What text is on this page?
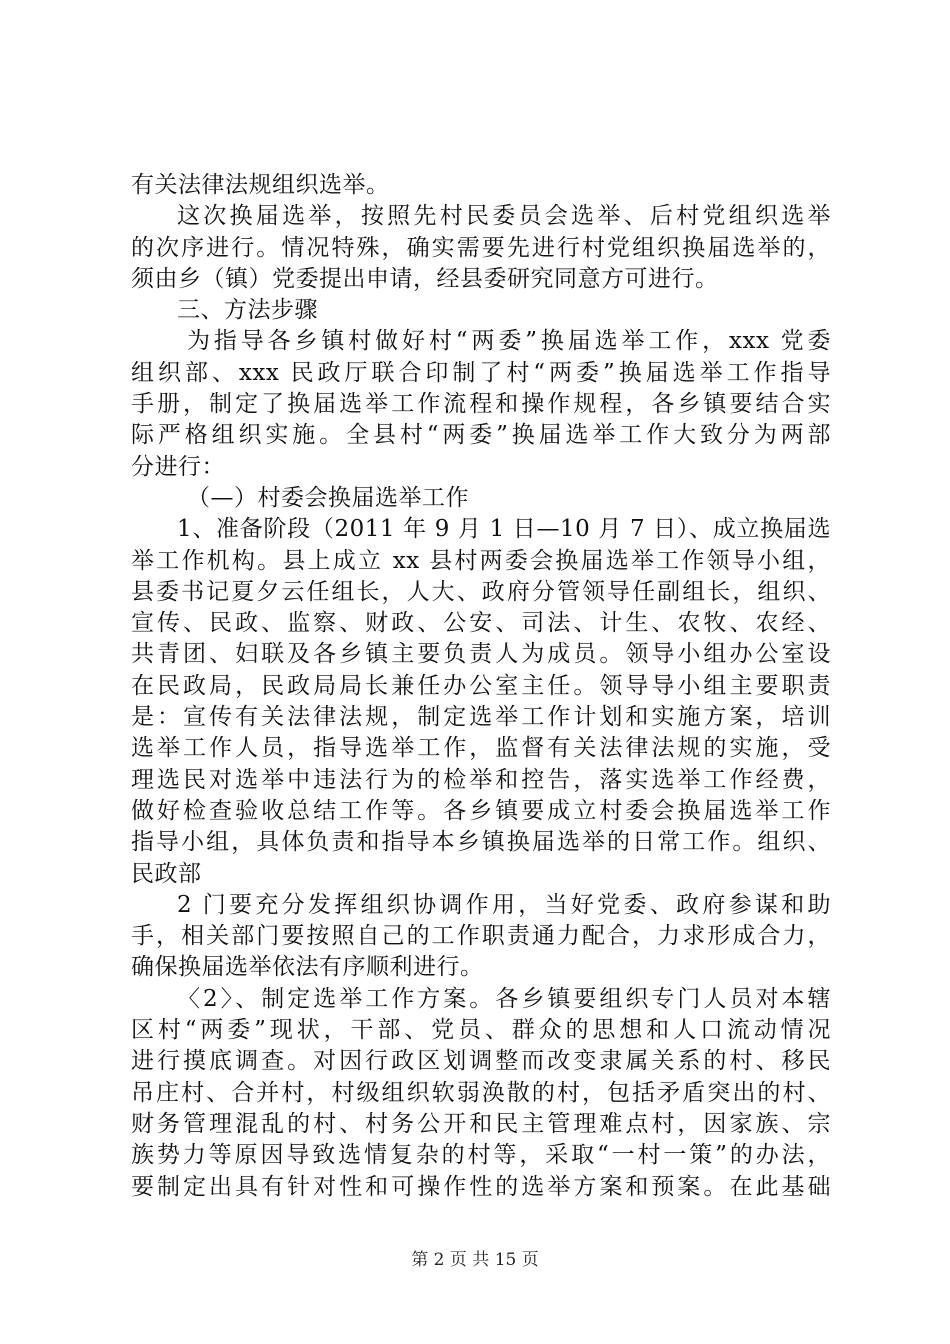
有关法律法规组织选举。
这次换届选举，按照先村民委员会选举、后村党组织选举
的次序进行。情况特殊，确实需要先进行村党组织换届选举的，
须由乡（镇）党委提出申请，经县委研究同意方可进行。
三、方法步骤
为指导各乡镇村做好村“两委”换届选举工作，xxx 党委
组织部、xxx 民政厅联合印制了村“两委”换届选举工作指导
手册，制定了换届选举工作流程和操作规程，各乡镇要结合实
际严格组织实施。全县村“两委”换届选举工作大致分为两部
分进行：
（—）村委会换届选举工作
1、准备阶段（2011 年 9 月 1 日—10 月 7 日）、成立换届选
举工作机构。县上成立 xx 县村两委会换届选举工作领导小组，
县委书记夏夕云任组长，人大、政府分管领导任副组长，组织、
宣传、民政、监察、财政、公安、司法、计生、农牧、农经、
共青团、妇联及各乡镇主要负责人为成员。领导小组办公室设
在民政局，民政局局长兼任办公室主任。领导导小组主要职责
是：宣传有关法律法规，制定选举工作计划和实施方案，培训
选举工作人员，指导选举工作，监督有关法律法规的实施，受
理选民对选举中违法行为的检举和控告，落实选举工作经费，
做好检查验收总结工作等。各乡镇要成立村委会换届选举工作
指导小组，具体负责和指导本乡镇换届选举的日常工作。组织、
民政部
2 门要充分发挥组织协调作用，当好党委、政府参谋和助
手，相关部门要按照自己的工作职责通力配合，力求形成合力，
确保换届选举依法有序顺利进行。
〈2〉、制定选举工作方案。各乡镇要组织专门人员对本辖
区村“两委”现状，干部、党员、群众的思想和人口流动情况
进行摸底调查。对因行政区划调整而改变隶属关系的村、移民
吊庄村、合并村，村级组织软弱涣散的村，包括矛盾突出的村、
财务管理混乱的村、村务公开和民主管理难点村，因家族、宗
族势力等原因导致选情复杂的村等，采取“一村一策”的办法，
要制定出具有针对性和可操作性的选举方案和预案。在此基础
第 2 页 共 15 页
